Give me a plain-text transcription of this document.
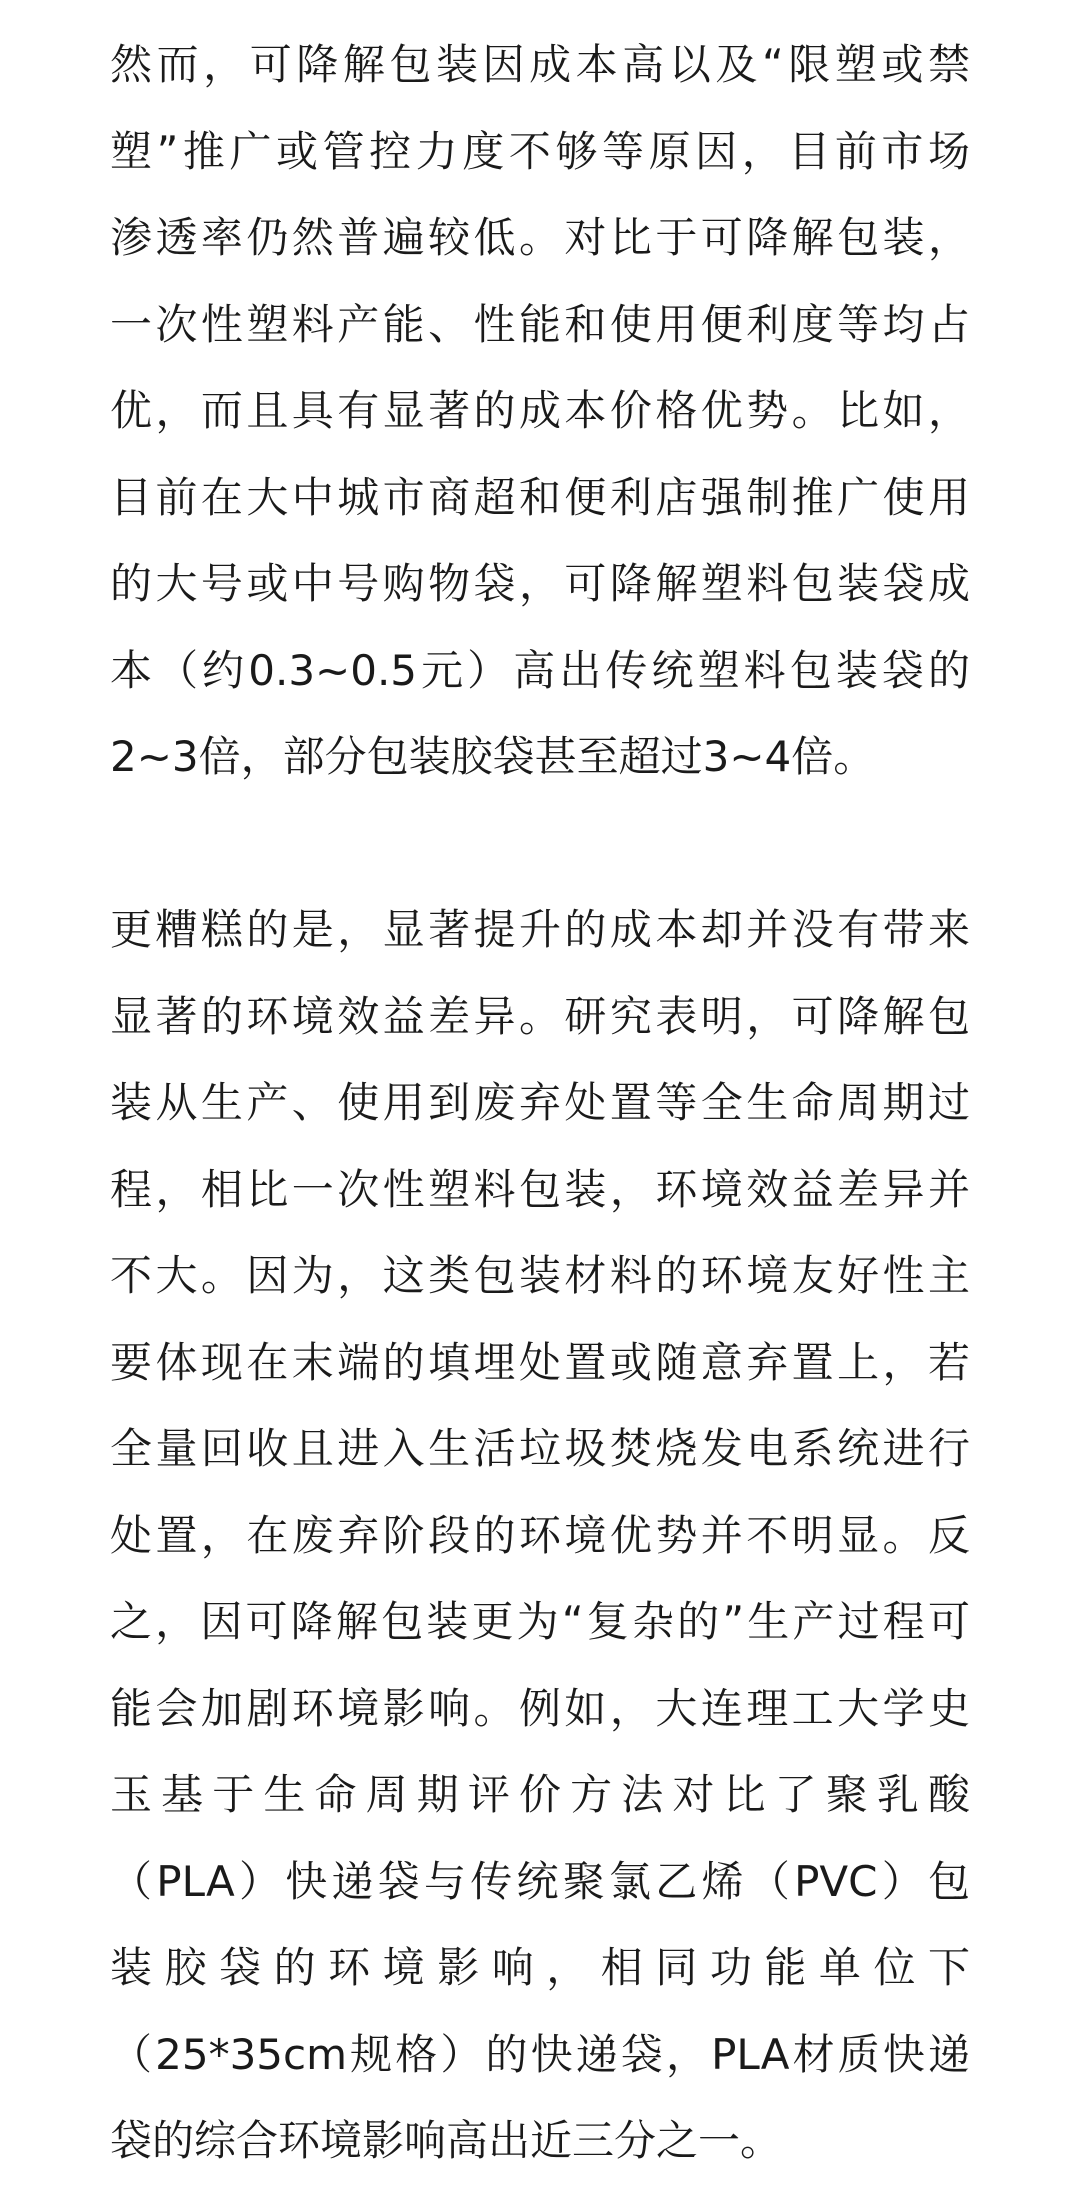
然而，可降解包装因成本高以及“限塑或禁
塑”推广或管控力度不够等原因，目前市场
渗透率仍然普遍较低。对比于可降解包装，
一次性塑料产能、性能和使用便利度等均占
优，而且具有显著的成本价格优势。比如，
目前在大中城市商超和便利店强制推广使用
的大号或中号购物袋，可降解塑料包装袋成
本（约0.3~0.5元）高出传统塑料包装袋的
2~3倍，部分包装胶袋甚至超过3~4倍。
更糟糕的是，显著提升的成本却并没有带来
显著的环境效益差异。研究表明，可降解包
装从生产、使用到废弃处置等全生命周期过
程，相比一次性塑料包装，环境效益差异并
不大。因为，这类包装材料的环境友好性主
要体现在末端的填埋处置或随意弃置上，若
全量回收且进入生活垃圾焚烧发电系统进行
处置，在废弃阶段的环境优势并不明显。反
之，因可降解包装更为“复杂的”生产过程可
能会加剧环境影响。例如，大连理工大学史
玉基于生命周期评价方法对比了聚乳酸
（PLA）快递袋与传统聚氯乙烯（PVC）包
装胶袋的环境影响，相同功能单位下
（25*35cm规格）的快递袋，PLA材质快递
袋的综合环境影响高出近三分之一。
